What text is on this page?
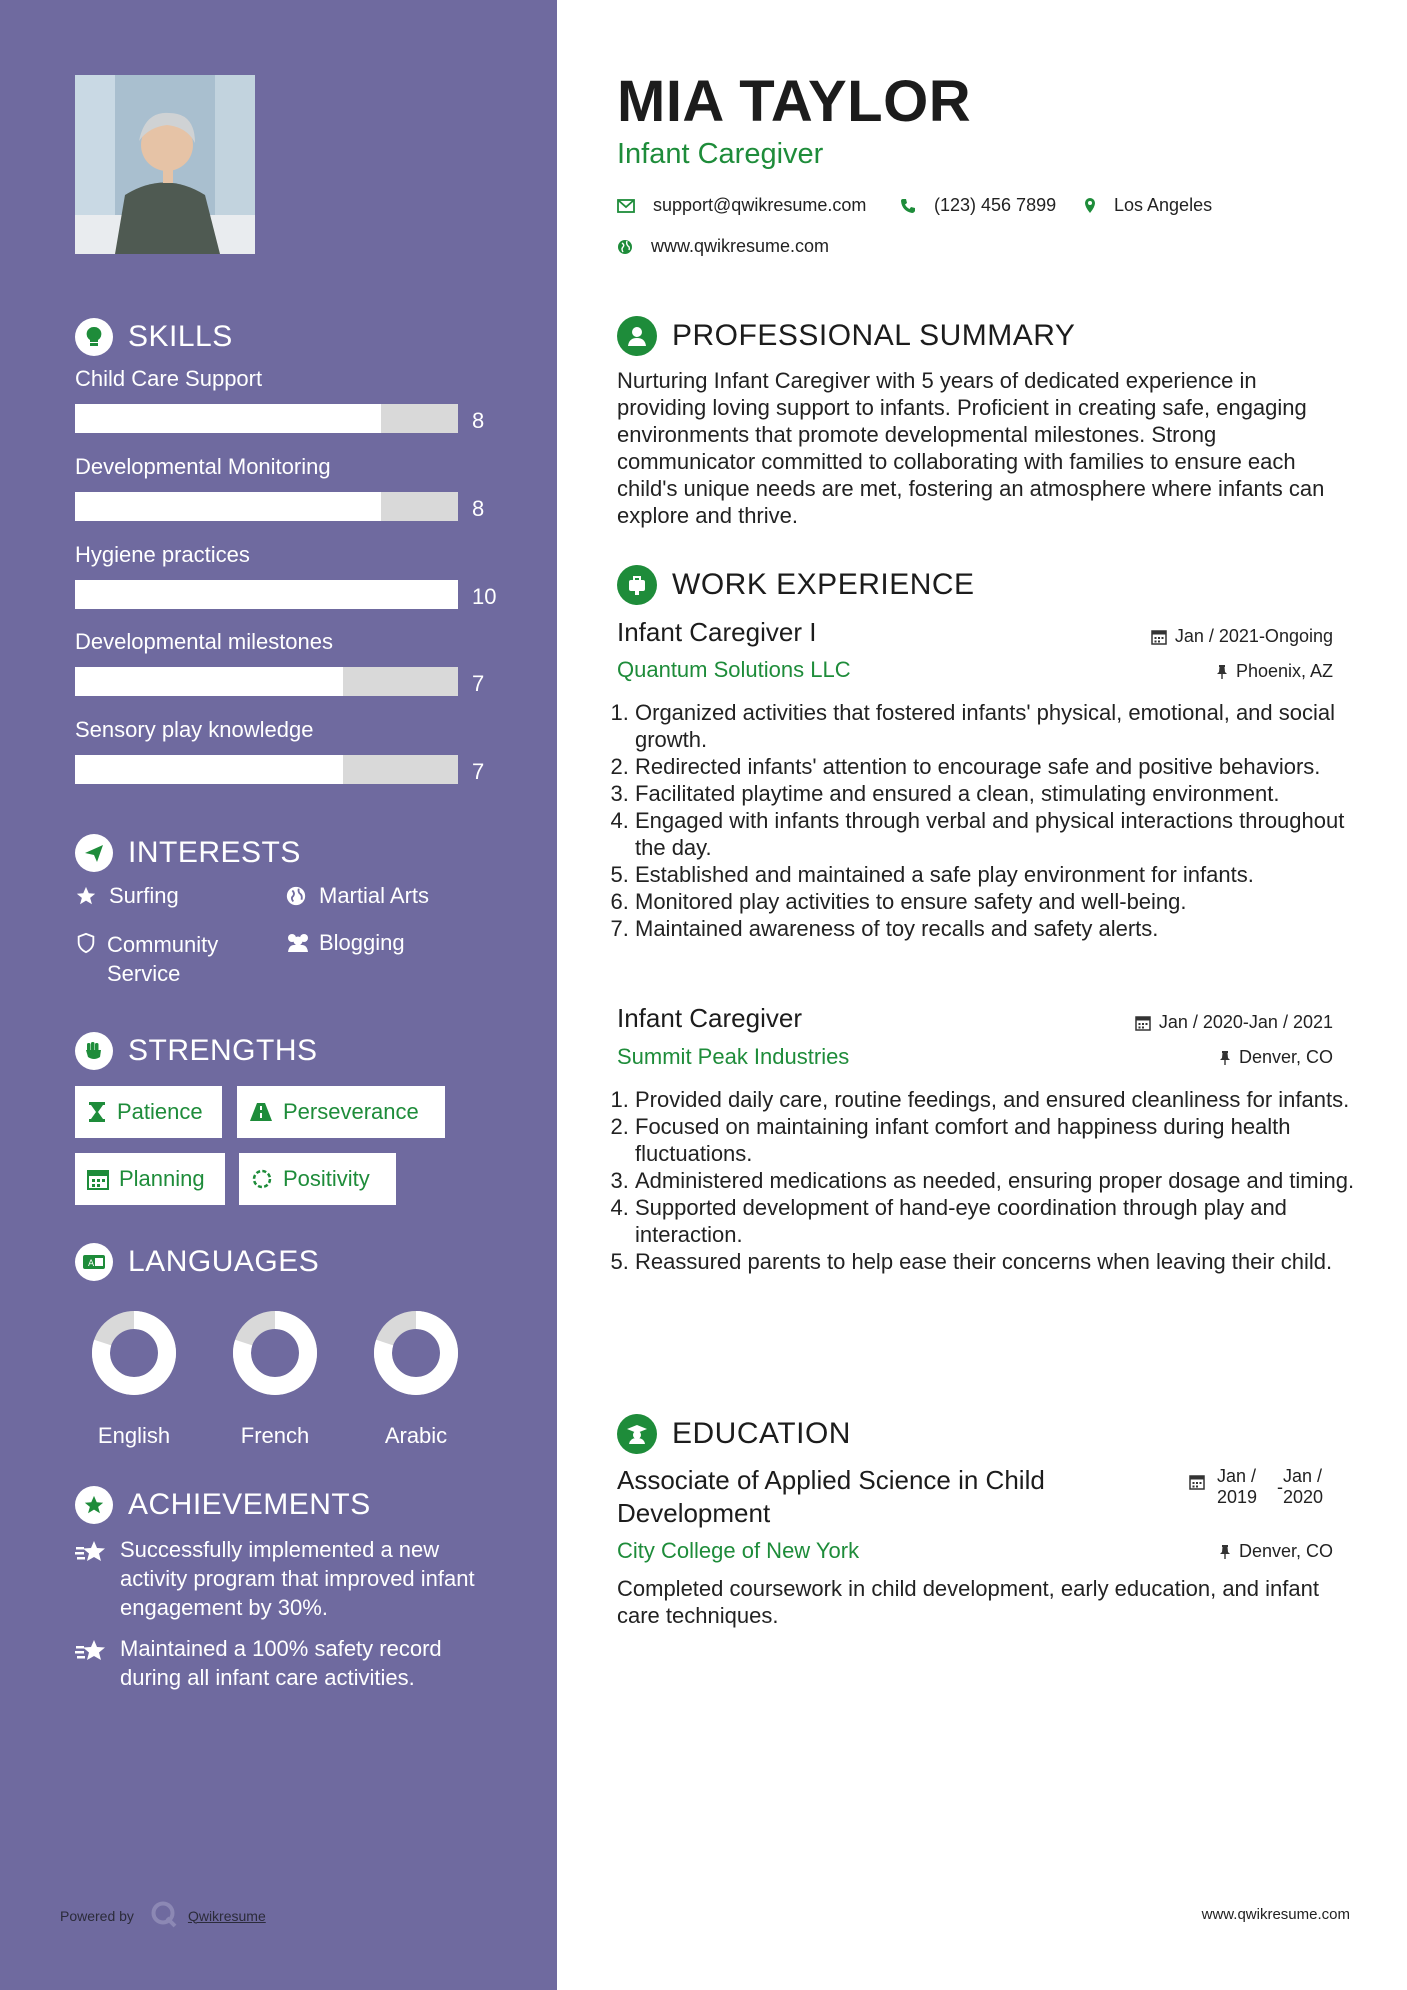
SKILLS
Child Care Support
8
Developmental Monitoring
8
Hygiene practices
10
Developmental milestones
7
Sensory play knowledge
7
INTERESTS
Surfing	Martial Arts
Community Service
Blogging
STRENGTHS
Patience	Perseverance
Planning	Positivity
A LANGUAGES
English	French	Arabic
ACHIEVEMENTS
Successfully implemented a new activity program that improved infant engagement by 30%.
Maintained a 100% safety record during all infant care activities.
Powered by	Qwikresume
MIA TAYLOR
Infant Caregiver
support@qwikresume.com	(123) 456 7899	Los Angeles
www.qwikresume.com
PROFESSIONAL SUMMARY
Nurturing Infant Caregiver with 5 years of dedicated experience in providing loving support to infants. Proficient in creating safe, engaging environments that promote developmental milestones. Strong communicator committed to collaborating with families to ensure each child's unique needs are met, fostering an atmosphere where infants can explore and thrive.
WORK EXPERIENCE
Infant Caregiver I	Jan / 2021-Ongoing
Quantum Solutions LLC	Phoenix, AZ
1. Organized activities that fostered infants' physical, emotional, and social growth.
2. Redirected infants' attention to encourage safe and positive behaviors.
3. Facilitated playtime and ensured a clean, stimulating environment.
4. Engaged with infants through verbal and physical interactions throughout the day.
5. Established and maintained a safe play environment for infants.
6. Monitored play activities to ensure safety and well-being.
7. Maintained awareness of toy recalls and safety alerts.
Infant Caregiver	Jan / 2020-Jan / 2021
Summit Peak Industries	Denver, CO
1. Provided daily care, routine feedings, and ensured cleanliness for infants.
2. Focused on maintaining infant comfort and happiness during health fluctuations.
3. Administered medications as needed, ensuring proper dosage and timing.
4. Supported development of hand-eye coordination through play and interaction.
5. Reassured parents to help ease their concerns when leaving their child.
EDUCATION
Associate of Applied Science in Child Development
Jan / 2019	-
Jan / 2020
City College of New York	Denver, CO
Completed coursework in child development, early education, and infant care techniques.
www.qwikresume.com
